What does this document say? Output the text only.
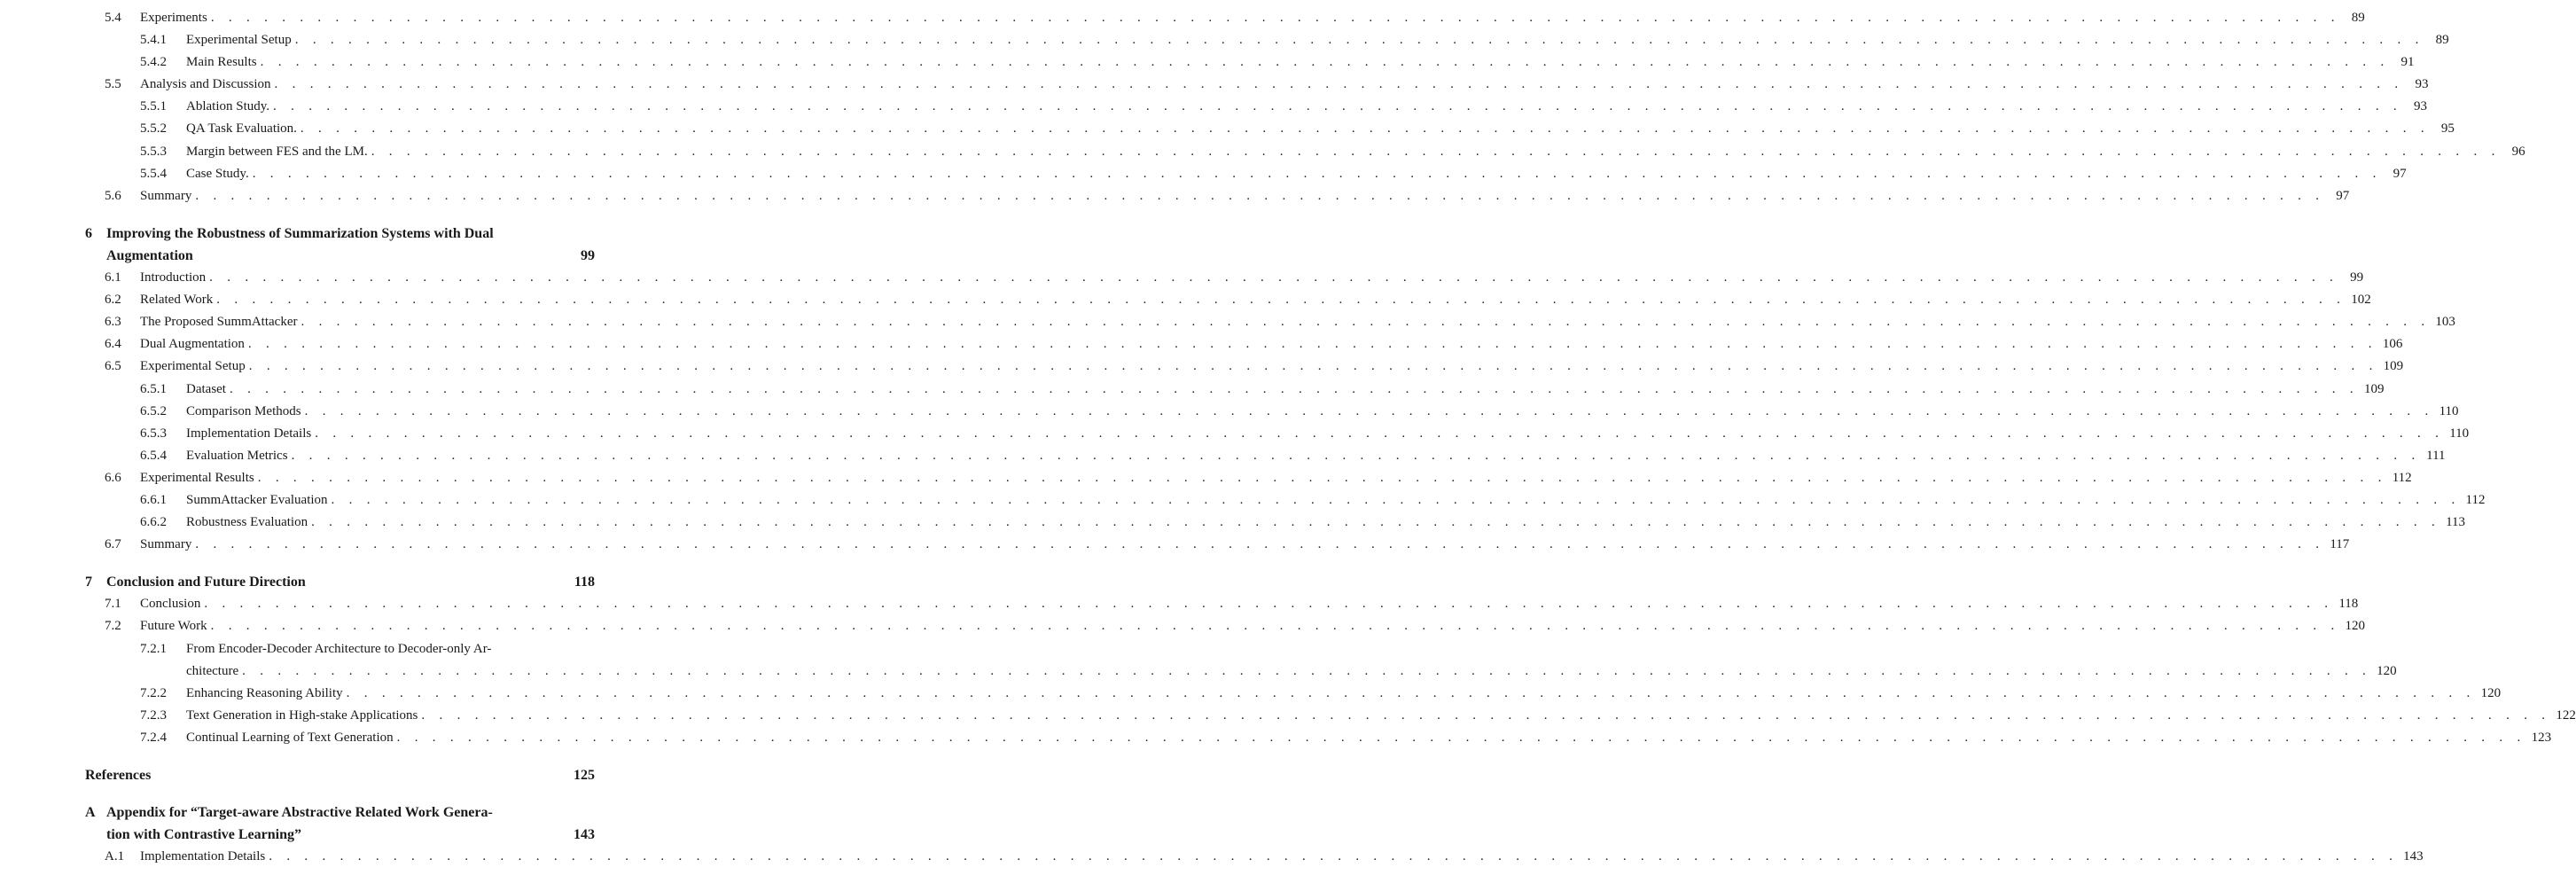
5.4 Experiments . . . . . . . . . . . . . . . . . . . . . . . . . . . . . . . . . . . . . . . . . . . . . . . . . . . . . . . . . . . . . . . . . . . . . . . . . . . . . . . . . . . . . . . . . . . . . . . . . . . . . . . . . . . . . . . . . . . . . . . . 89
5.4.1 Experimental Setup . . . . . . . . . . . . . . . . . . . . . . . . . . . . . . . . . . . . . . . . . . . . . . . . . . . . . . . . . . . . . . . . . . . . . . . . . . . . . . . . . . . . . . . . . . . . . . . . . . . . . . . . . . . . . . . . . . . . . . . . 89
5.4.2 Main Results . . . . . . . . . . . . . . . . . . . . . . . . . . . . . . . . . . . . . . . . . . . . . . . . . . . . . . . . . . . . . . . . . . . . . . . . . . . . . . . . . . . . . . . . . . . . . . . . . . . . . . . . . . . . . . . . . . . . . . . . 91
5.5 Analysis and Discussion . . . . . . . . . . . . . . . . . . . . . . . . . . . . . . . . . . . . . . . . . . . . . . . . . . . . . . . . . . . . . . . . . . . . . . . . . . . . . . . . . . . . . . . . . . . . . . . . . . . . . . . . . . . . . . . . . . . . . . . . 93
5.5.1 Ablation Study. . . . . . . . . . . . . . . . . . . . . . . . . . . . . . . . . . . . . . . . . . . . . . . . . . . . . . . . . . . . . . . . . . . . . . . . . . . . . . . . . . . . . . . . . . . . . . . . . . . . . . . . . . . . . . . . . . . . . . . . . 93
5.5.2 QA Task Evaluation. . . . . . . . . . . . . . . . . . . . . . . . . . . . . . . . . . . . . . . . . . . . . . . . . . . . . . . . . . . . . . . . . . . . . . . . . . . . . . . . . . . . . . . . . . . . . . . . . . . . . . . . . . . . . . . . . . . . . . . . . 95
5.5.3 Margin between FES and the LM. . . . . . . . . . . . . . . . . . . . . . . . . . . . . . . . . . . . . . . . . . . . . . . . . . . . . . . . . . . . . . . . . . . . . . . . . . . . . . . . . . . . . . . . . . . . . . . . . . . . . . . . . . . . . . . . . . . . . . . . . 96
5.5.4 Case Study. . . . . . . . . . . . . . . . . . . . . . . . . . . . . . . . . . . . . . . . . . . . . . . . . . . . . . . . . . . . . . . . . . . . . . . . . . . . . . . . . . . . . . . . . . . . . . . . . . . . . . . . . . . . . . . . . . . . . . . . . 97
5.6 Summary . . . . . . . . . . . . . . . . . . . . . . . . . . . . . . . . . . . . . . . . . . . . . . . . . . . . . . . . . . . . . . . . . . . . . . . . . . . . . . . . . . . . . . . . . . . . . . . . . . . . . . . . . . . . . . . . . . . . . . . . 97
6 Improving the Robustness of Summarization Systems with Dual
Augmentation	99
6.1 Introduction . . . . . . . . . . . . . . . . . . . . . . . . . . . . . . . . . . . . . . . . . . . . . . . . . . . . . . . . . . . . . . . . . . . . . . . . . . . . . . . . . . . . . . . . . . . . . . . . . . . . . . . . . . . . . . . . . . . . . . . . 99
6.2 Related Work . . . . . . . . . . . . . . . . . . . . . . . . . . . . . . . . . . . . . . . . . . . . . . . . . . . . . . . . . . . . . . . . . . . . . . . . . . . . . . . . . . . . . . . . . . . . . . . . . . . . . . . . . . . . . . . . . . . . . . . . 102
6.3 The Proposed SummAttacker . . . . . . . . . . . . . . . . . . . . . . . . . . . . . . . . . . . . . . . . . . . . . . . . . . . . . . . . . . . . . . . . . . . . . . . . . . . . . . . . . . . . . . . . . . . . . . . . . . . . . . . . . . . . . . . . . . . . . . . . 103
6.4 Dual Augmentation . . . . . . . . . . . . . . . . . . . . . . . . . . . . . . . . . . . . . . . . . . . . . . . . . . . . . . . . . . . . . . . . . . . . . . . . . . . . . . . . . . . . . . . . . . . . . . . . . . . . . . . . . . . . . . . . . . . . . . . . 106
6.5 Experimental Setup . . . . . . . . . . . . . . . . . . . . . . . . . . . . . . . . . . . . . . . . . . . . . . . . . . . . . . . . . . . . . . . . . . . . . . . . . . . . . . . . . . . . . . . . . . . . . . . . . . . . . . . . . . . . . . . . . . . . . . . . 109
6.5.1 Dataset . . . . . . . . . . . . . . . . . . . . . . . . . . . . . . . . . . . . . . . . . . . . . . . . . . . . . . . . . . . . . . . . . . . . . . . . . . . . . . . . . . . . . . . . . . . . . . . . . . . . . . . . . . . . . . . . . . . . . . . . 109
6.5.2 Comparison Methods . . . . . . . . . . . . . . . . . . . . . . . . . . . . . . . . . . . . . . . . . . . . . . . . . . . . . . . . . . . . . . . . . . . . . . . . . . . . . . . . . . . . . . . . . . . . . . . . . . . . . . . . . . . . . . . . . . . . . . . . 110
6.5.3 Implementation Details . . . . . . . . . . . . . . . . . . . . . . . . . . . . . . . . . . . . . . . . . . . . . . . . . . . . . . . . . . . . . . . . . . . . . . . . . . . . . . . . . . . . . . . . . . . . . . . . . . . . . . . . . . . . . . . . . . . . . . . . 110
6.5.4 Evaluation Metrics . . . . . . . . . . . . . . . . . . . . . . . . . . . . . . . . . . . . . . . . . . . . . . . . . . . . . . . . . . . . . . . . . . . . . . . . . . . . . . . . . . . . . . . . . . . . . . . . . . . . . . . . . . . . . . . . . . . . . . . . 111
6.6 Experimental Results . . . . . . . . . . . . . . . . . . . . . . . . . . . . . . . . . . . . . . . . . . . . . . . . . . . . . . . . . . . . . . . . . . . . . . . . . . . . . . . . . . . . . . . . . . . . . . . . . . . . . . . . . . . . . . . . . . . . . . . . 112
6.6.1 SummAttacker Evaluation . . . . . . . . . . . . . . . . . . . . . . . . . . . . . . . . . . . . . . . . . . . . . . . . . . . . . . . . . . . . . . . . . . . . . . . . . . . . . . . . . . . . . . . . . . . . . . . . . . . . . . . . . . . . . . . . . . . . . . . . 112
6.6.2 Robustness Evaluation . . . . . . . . . . . . . . . . . . . . . . . . . . . . . . . . . . . . . . . . . . . . . . . . . . . . . . . . . . . . . . . . . . . . . . . . . . . . . . . . . . . . . . . . . . . . . . . . . . . . . . . . . . . . . . . . . . . . . . . . 113
6.7 Summary . . . . . . . . . . . . . . . . . . . . . . . . . . . . . . . . . . . . . . . . . . . . . . . . . . . . . . . . . . . . . . . . . . . . . . . . . . . . . . . . . . . . . . . . . . . . . . . . . . . . . . . . . . . . . . . . . . . . . . . . 117
7 Conclusion and Future Direction	118
7.1 Conclusion . . . . . . . . . . . . . . . . . . . . . . . . . . . . . . . . . . . . . . . . . . . . . . . . . . . . . . . . . . . . . . . . . . . . . . . . . . . . . . . . . . . . . . . . . . . . . . . . . . . . . . . . . . . . . . . . . . . . . . . . 118
7.2 Future Work . . . . . . . . . . . . . . . . . . . . . . . . . . . . . . . . . . . . . . . . . . . . . . . . . . . . . . . . . . . . . . . . . . . . . . . . . . . . . . . . . . . . . . . . . . . . . . . . . . . . . . . . . . . . . . . . . . . . . . . . 120
7.2.1 From Encoder-Decoder Architecture to Decoder-only Ar-
chitecture . . . . . . . . . . . . . . . . . . . . . . . . . . . . . . . . . . . . . . . . . . . . . . . . . . . . . . . . . . . . . . . . . . . . . . . . . . . . . . . . . . . . . . . . . . . . . . . . . . . . . . . . . . . . . . . . . . . . . . . . 120
7.2.2 Enhancing Reasoning Ability . . . . . . . . . . . . . . . . . . . . . . . . . . . . . . . . . . . . . . . . . . . . . . . . . . . . . . . . . . . . . . . . . . . . . . . . . . . . . . . . . . . . . . . . . . . . . . . . . . . . . . . . . . . . . . . . . . . . . . . . 120
7.2.3 Text Generation in High-stake Applications . . . . . . . . . . . . . . . . . . . . . . . . . . . . . . . . . . . . . . . . . . . . . . . . . . . . . . . . . . . . . . . . . . . . . . . . . . . . . . . . . . . . . . . . . . . . . . . . . . . . . . . . . . . . . . . . . . . . . . . . 122
7.2.4 Continual Learning of Text Generation . . . . . . . . . . . . . . . . . . . . . . . . . . . . . . . . . . . . . . . . . . . . . . . . . . . . . . . . . . . . . . . . . . . . . . . . . . . . . . . . . . . . . . . . . . . . . . . . . . . . . . . . . . . . . . . . . . . . . . . . 123
References	125
A Appendix for “Target-aware Abstractive Related Work Genera-
tion with Contrastive Learning”	143
A.1 Implementation Details . . . . . . . . . . . . . . . . . . . . . . . . . . . . . . . . . . . . . . . . . . . . . . . . . . . . . . . . . . . . . . . . . . . . . . . . . . . . . . . . . . . . . . . . . . . . . . . . . . . . . . . . . . . . . . . . . . . . . . . . 143
